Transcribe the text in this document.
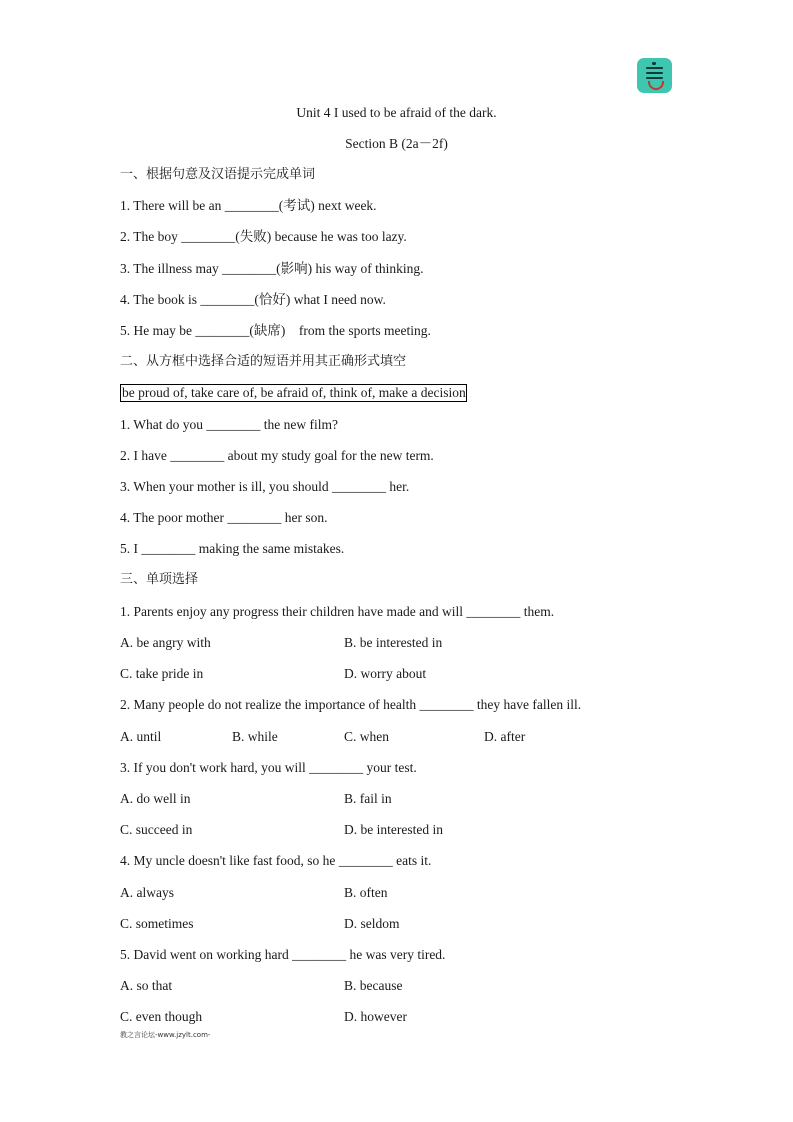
Unit 4 I used to be afraid of the dark.
Section B (2a－2f)
一、根据句意及汉语提示完成单词
1. There will be an ________(考试) next week.
2. The boy ________(失败) because he was too lazy.
3. The illness may ________(影响) his way of thinking.
4. The book is ________(恰好) what I need now.
5. He may be ________(缺席)　from the sports meeting.
二、从方框中选择合适的短语并用其正确形式填空
be proud of, take care of, be afraid of, think of, make a decision
1. What do you ________ the new film?
2. I have ________ about my study goal for the new term.
3. When your mother is ill, you should ________ her.
4. The poor mother ________ her son.
5. I ________ making the same mistakes.
三、单项选择
1. Parents enjoy any progress their children have made and will ________ them.
A. be angry with	B. be interested in
C. take pride in	D. worry about
2. Many people do not realize the importance of health ________ they have fallen ill.
A. until	B. while	C. when	D. after
3. If you don't work hard, you will ________ your test.
A. do well in	B. fail in
C. succeed in	D. be interested in
4. My uncle doesn't like fast food, so he ________ eats it.
A. always	B. often
C. sometimes	D. seldom
5. David went on working hard ________ he was very tired.
A. so that	B. because
C. even though	D. however
教之言论坛-www.jzylt.com-
